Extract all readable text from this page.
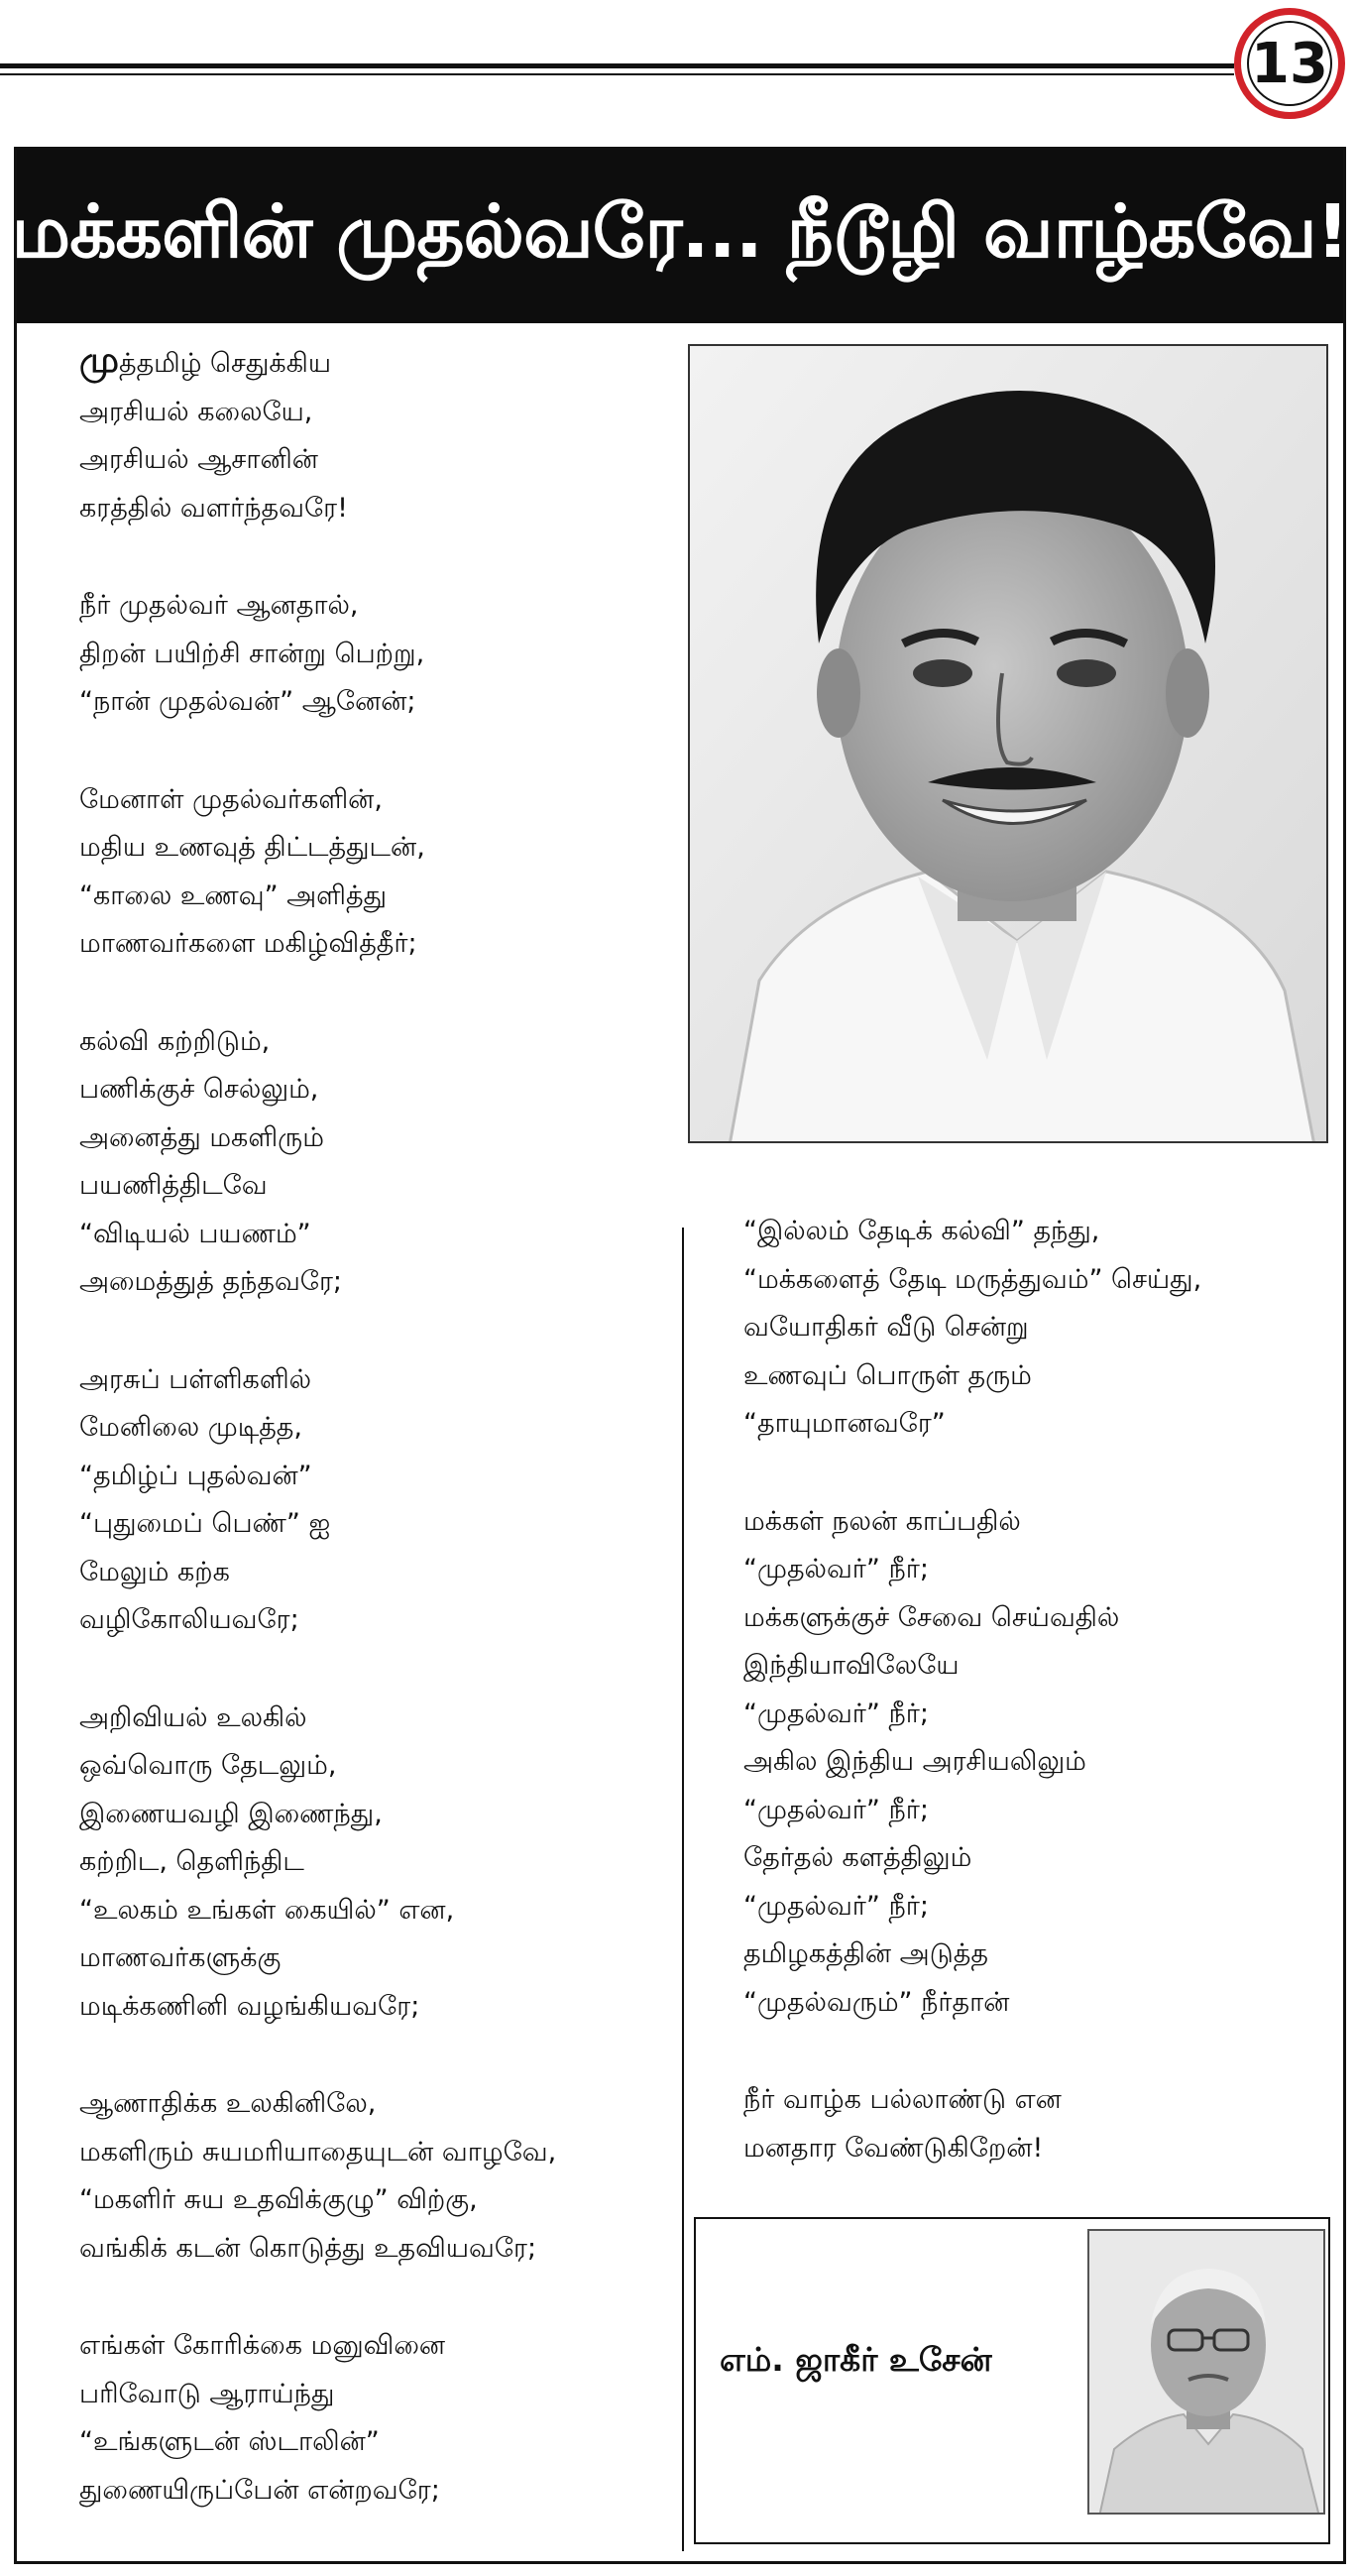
13
மக்களின் முதல்வரே... நீடூழி வாழ்கவே!
முத்தமிழ் செதுக்கிய
அரசியல் கலையே,
அரசியல் ஆசானின்
கரத்தில் வளர்ந்தவரே!
நீர் முதல்வர் ஆனதால்,
திறன் பயிற்சி சான்று பெற்று,
“நான் முதல்வன்” ஆனேன்;
மேனாள் முதல்வர்களின்,
மதிய உணவுத் திட்டத்துடன்,
“காலை உணவு” அளித்து
மாணவர்களை மகிழ்வித்தீர்;
கல்வி கற்றிடும்,
பணிக்குச் செல்லும்,
அனைத்து மகளிரும்
பயணித்திடவே
“விடியல் பயணம்”
அமைத்துத் தந்தவரே;
அரசுப் பள்ளிகளில்
மேனிலை முடித்த,
“தமிழ்ப் புதல்வன்”
“புதுமைப் பெண்” ஐ
மேலும் கற்க
வழிகோலியவரே;
அறிவியல் உலகில்
ஒவ்வொரு தேடலும்,
இணையவழி இணைந்து,
கற்றிட, தெளிந்திட
“உலகம் உங்கள் கையில்” என,
மாணவர்களுக்கு
மடிக்கணினி வழங்கியவரே;
ஆணாதிக்க உலகினிலே,
மகளிரும் சுயமரியாதையுடன் வாழவே,
“மகளிர் சுய உதவிக்குழு” விற்கு,
வங்கிக் கடன் கொடுத்து உதவியவரே;
எங்கள் கோரிக்கை மனுவினை
பரிவோடு ஆராய்ந்து
“உங்களுடன் ஸ்டாலின்”
துணையிருப்பேன் என்றவரே;
“இல்லம் தேடிக் கல்வி” தந்து,
“மக்களைத் தேடி மருத்துவம்” செய்து,
வயோதிகர் வீடு சென்று
உணவுப் பொருள் தரும்
“தாயுமானவரே”
மக்கள் நலன் காப்பதில்
“முதல்வர்” நீர்;
மக்களுக்குச் சேவை செய்வதில்
இந்தியாவிலேயே
“முதல்வர்” நீர்;
அகில இந்திய அரசியலிலும்
“முதல்வர்” நீர்;
தேர்தல் களத்திலும்
“முதல்வர்” நீர்;
தமிழகத்தின் அடுத்த
“முதல்வரும்” நீர்தான்
நீர் வாழ்க பல்லாண்டு என
மனதார வேண்டுகிறேன்!
எம். ஜாகீர் உசேன்
